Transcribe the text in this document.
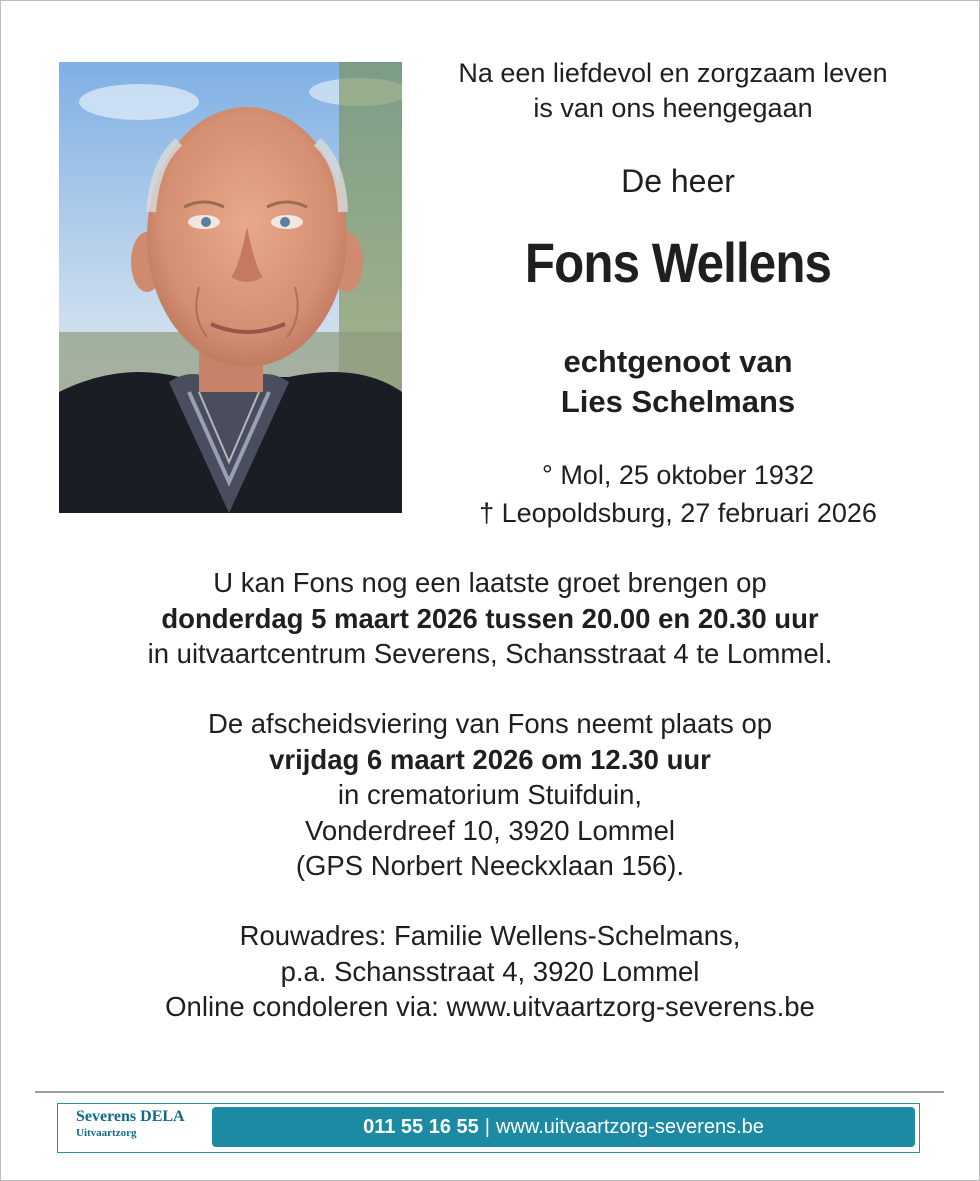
Na een liefdevol en zorgzaam leven
is van ons heengegaan
De heer
Fons Wellens
echtgenoot van
Lies Schelmans
° Mol, 25 oktober 1932
† Leopoldsburg, 27 februari 2026
U kan Fons nog een laatste groet brengen op
donderdag 5 maart 2026 tussen 20.00 en 20.30 uur
in uitvaartcentrum Severens, Schansstraat 4 te Lommel.
De afscheidsviering van Fons neemt plaats op
vrijdag 6 maart 2026 om 12.30 uur
in crematorium Stuifduin,
Vonderdreef 10, 3920 Lommel
(GPS Norbert Neeckxlaan 156).
Rouwadres: Familie Wellens-Schelmans,
p.a. Schansstraat 4, 3920 Lommel
Online condoleren via: www.uitvaartzorg-severens.be
Severens DELA
Uitvaartzorg	011 55 16 55 | www.uitvaartzorg-severens.be
